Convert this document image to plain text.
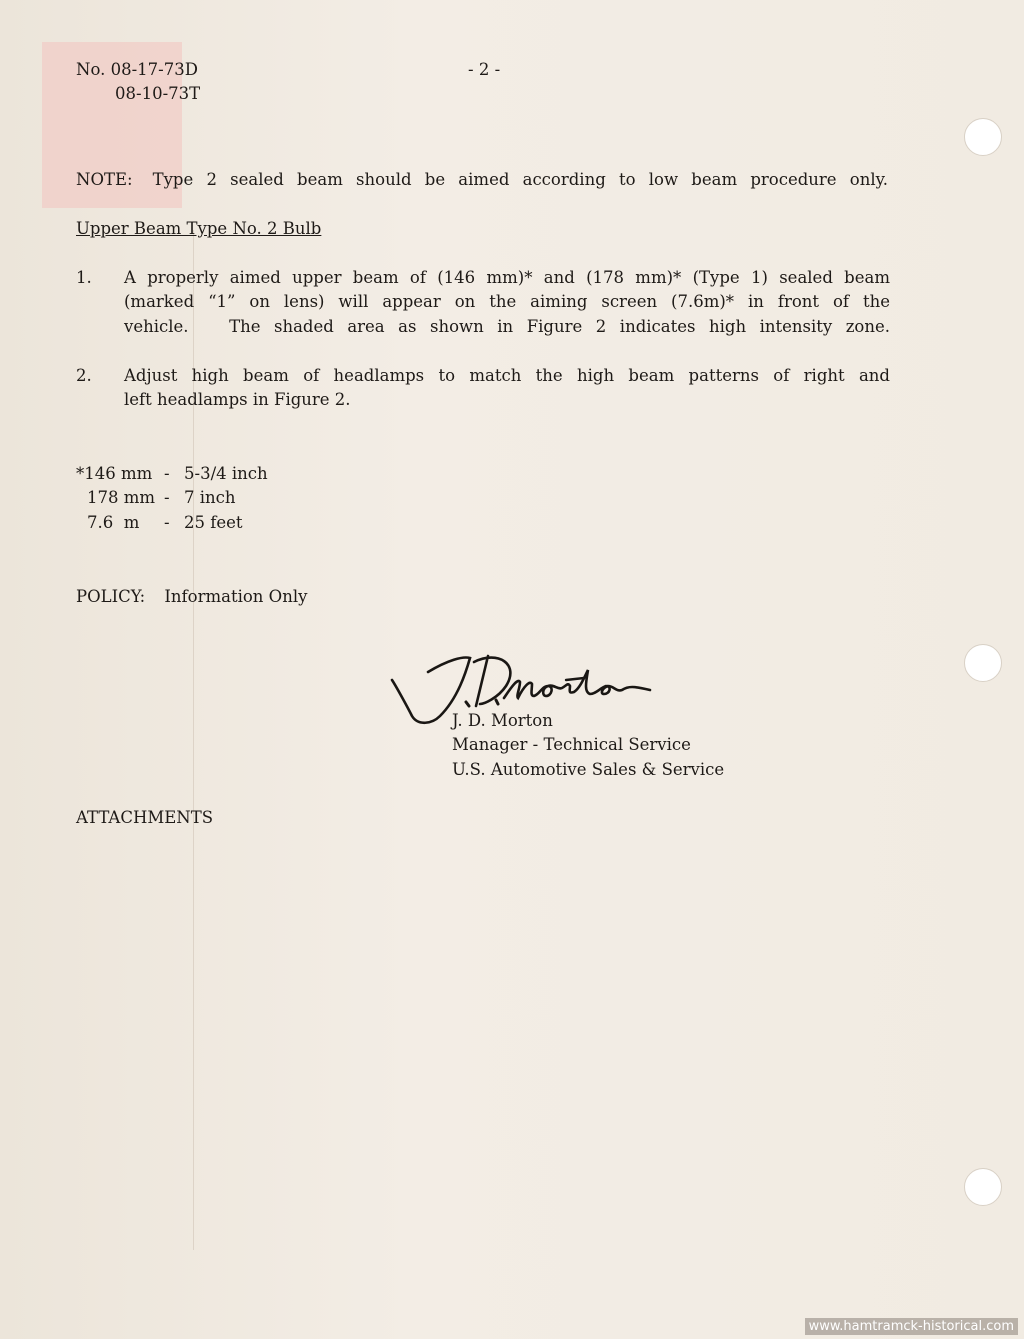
No. 08-17-73D
08-10-73T
- 2 -
NOTE: Type 2 sealed beam should be aimed according to low beam procedure only.
Upper Beam Type No. 2 Bulb
1. A properly aimed upper beam of (146 mm)* and (178 mm)* (Type 1) sealed beam
(marked “1” on lens) will appear on the aiming screen (7.6m)* in front of the
vehicle.   The shaded area as shown in Figure 2 indicates high intensity zone.
2. Adjust high beam of headlamps to match the high beam patterns of right and
left headlamps in Figure 2.
*146 mm - 5-3/4 inch
178 mm - 7 inch
7.6  m - 25 feet
POLICY: Information Only
J. D. Morton
Manager - Technical Service
U.S. Automotive Sales & Service
ATTACHMENTS
www.hamtramck-historical.com
